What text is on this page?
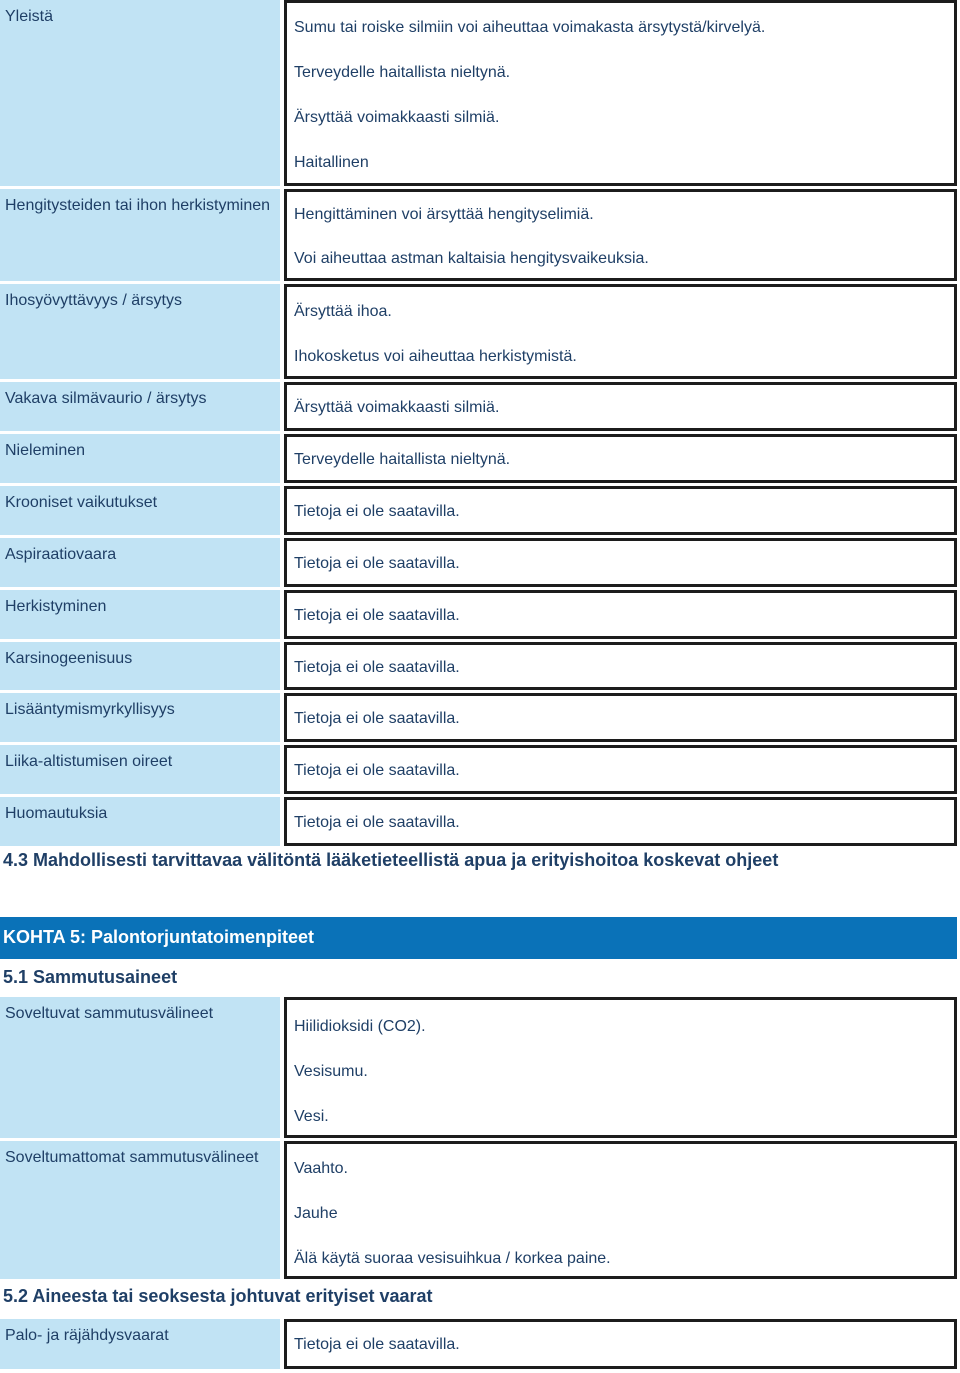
Yleistä
Sumu tai roiske silmiin voi aiheuttaa voimakasta ärsytystä/kirvelyä.
Terveydelle haitallista nieltynä.
Ärsyttää voimakkaasti silmiä.
Haitallinen
Hengitysteiden tai ihon herkistyminen
Hengittäminen voi ärsyttää hengityselimiä.
Voi aiheuttaa astman kaltaisia hengitysvaikeuksia.
Ihosyövyttävyys / ärsytys
Ärsyttää ihoa.
Ihokosketus voi aiheuttaa herkistymistä.
Vakava silmävaurio / ärsytys
Ärsyttää voimakkaasti silmiä.
Nieleminen
Terveydelle haitallista nieltynä.
Krooniset vaikutukset
Tietoja ei ole saatavilla.
Aspiraatiovaara
Tietoja ei ole saatavilla.
Herkistyminen
Tietoja ei ole saatavilla.
Karsinogeenisuus
Tietoja ei ole saatavilla.
Lisääntymismyrkyllisyys
Tietoja ei ole saatavilla.
Liika-altistumisen oireet
Tietoja ei ole saatavilla.
Huomautuksia
Tietoja ei ole saatavilla.
4.3 Mahdollisesti tarvittavaa välitöntä lääketieteellistä apua ja erityishoitoa koskevat ohjeet
KOHTA 5: Palontorjuntatoimenpiteet
5.1 Sammutusaineet
Soveltuvat sammutusvälineet
Hiilidioksidi (CO2).
Vesisumu.
Vesi.
Soveltumattomat sammutusvälineet
Vaahto.
Jauhe
Älä käytä suoraa vesisuihkua / korkea paine.
5.2 Aineesta tai seoksesta johtuvat erityiset vaarat
Palo- ja räjähdysvaarat
Tietoja ei ole saatavilla.
